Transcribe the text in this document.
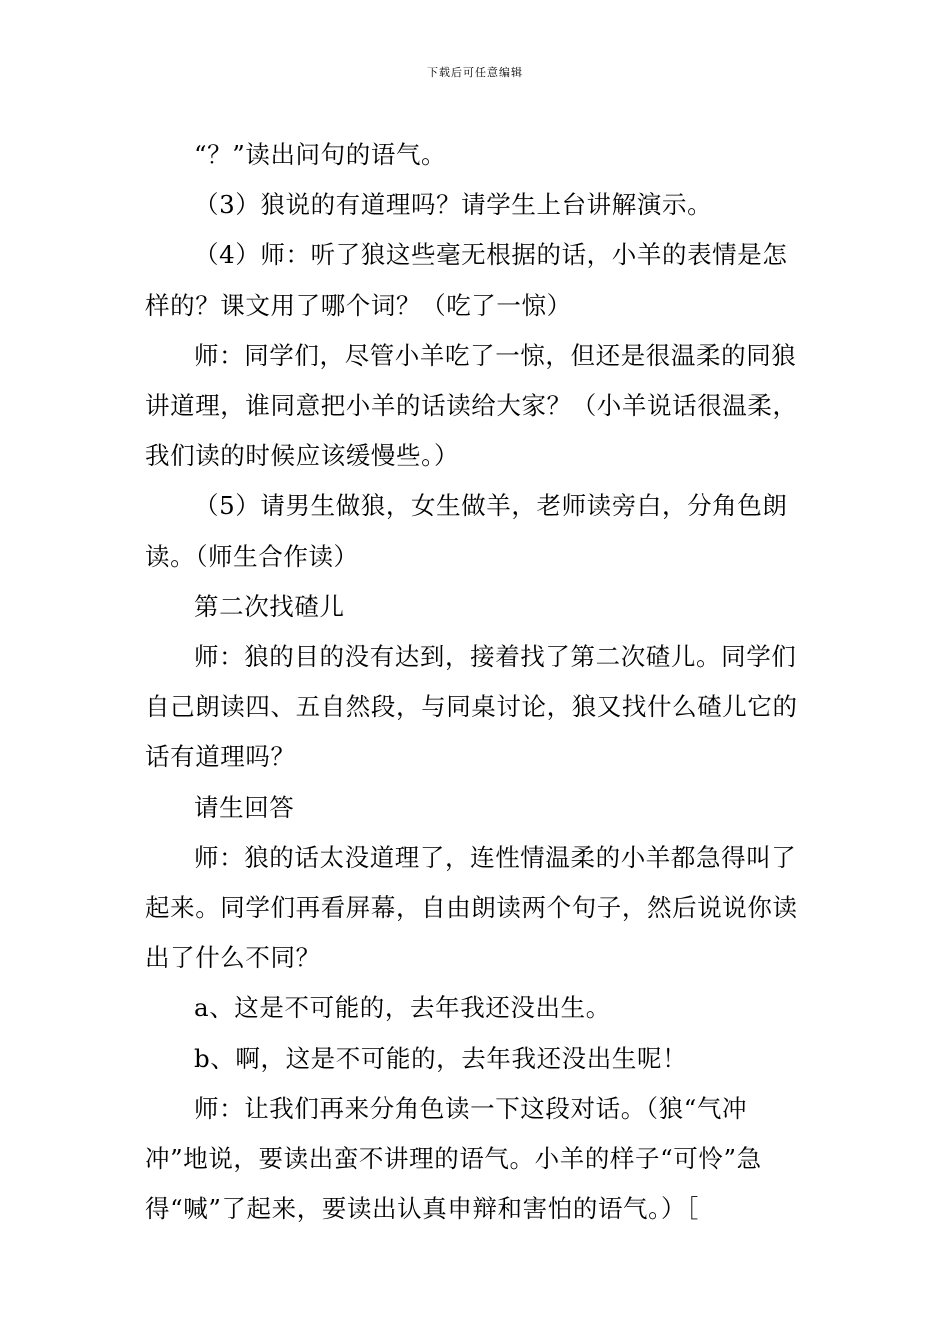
下载后可任意编辑

“？”读出问句的语气。

（3）狼说的有道理吗？请学生上台讲解演示。

（4）师：听了狼这些毫无根据的话，小羊的表情是怎样的？课文用了哪个词？（吃了一惊）

师：同学们，尽管小羊吃了一惊，但还是很温柔的同狼讲道理，谁同意把小羊的话读给大家？（小羊说话很温柔，我们读的时候应该缓慢些。）

（5）请男生做狼，女生做羊，老师读旁白，分角色朗读。（师生合作读）

第二次找碴儿

师：狼的目的没有达到，接着找了第二次碴儿。同学们自己朗读四、五自然段，与同桌讨论，狼又找什么碴儿它的话有道理吗？

请生回答

师：狼的话太没道理了，连性情温柔的小羊都急得叫了起来。同学们再看屏幕，自由朗读两个句子，然后说说你读出了什么不同？

a、这是不可能的，去年我还没出生。

b、啊，这是不可能的，去年我还没出生呢！

师：让我们再来分角色读一下这段对话。（狼“气冲冲”地说，要读出蛮不讲理的语气。小羊的样子“可怜”急得“喊”了起来，要读出认真申辩和害怕的语气。）［
